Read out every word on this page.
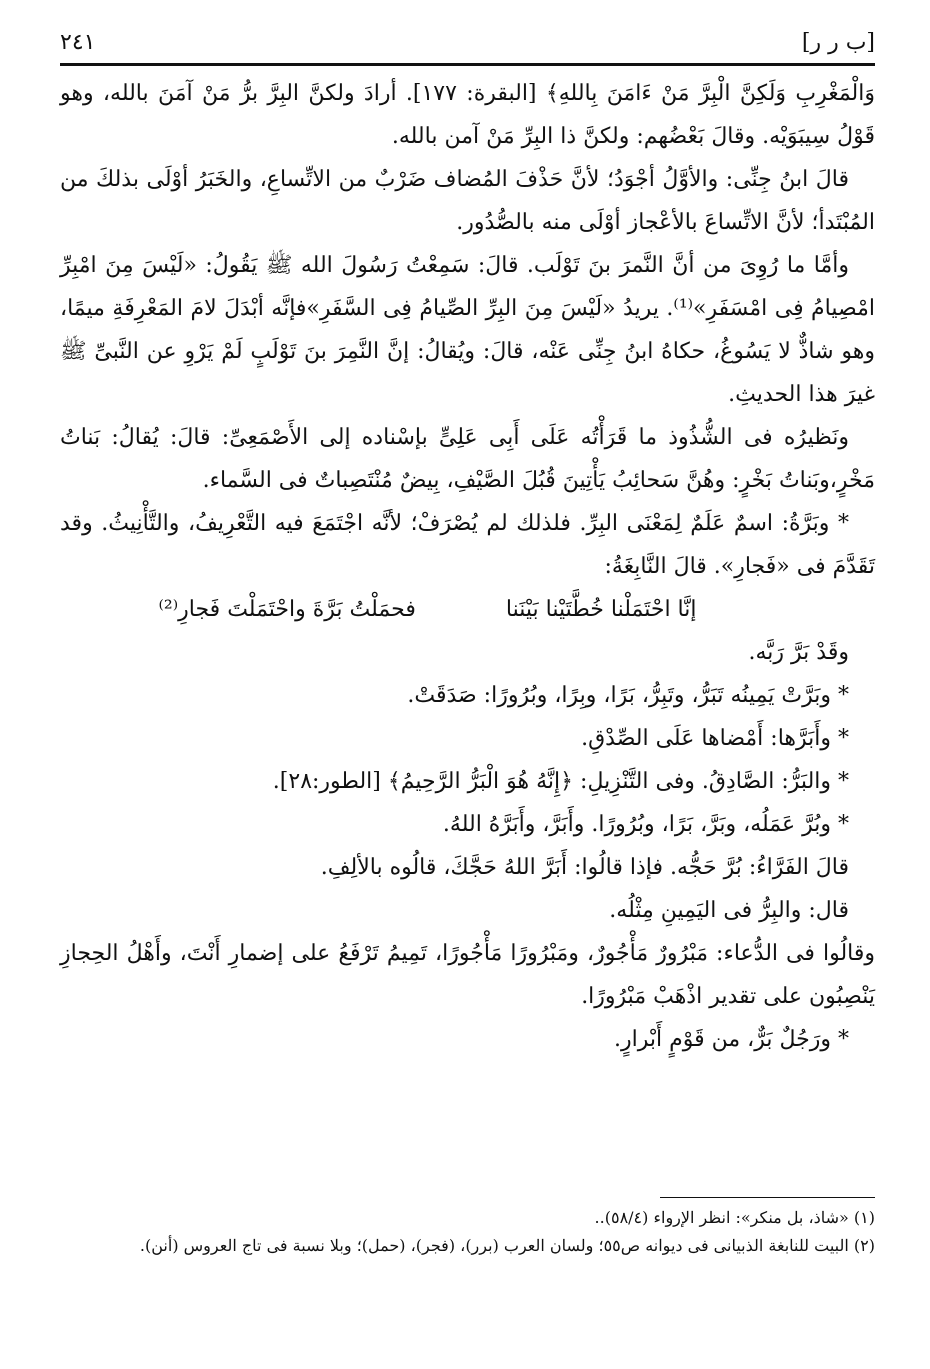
[ب ر ر]
٢٤١

وَالْمَغْرِبِ وَلَكِنَّ الْبِرَّ مَنْ ءَامَنَ بِاللهِ﴾ [البقرة: ١٧٧]. أرادَ ولكنَّ البِرَّ برُّ مَنْ آمَنَ بالله، وهو قَوْلُ سِيبَوَيْه. وقالَ بَعْضُهم: ولكنَّ ذا البِرِّ مَنْ آمن بالله.

قالَ ابنُ جِنِّى: والأوَّلُ أجْوَدُ؛ لأنَّ حَذْفَ المُضاف ضَرْبٌ من الاتِّساعِ، والخَبَرُ أوْلَى بذلكَ من المُبْتَدأ؛ لأنَّ الاتِّساعَ بالأعْجاز أوْلَى منه بالصُّدُور.

وأمَّا ما رُوِىَ من أنَّ النَّمرَ بنَ تَوْلَب. قالَ: سَمِعْتُ رَسُولَ الله ﷺ يَقُولُ: «لَيْسَ مِنَ امْبِرِّ امْصِيامُ فِى امْسَفَرِ»⁽¹⁾. يريدُ «لَيْسَ مِنَ البِرِّ الصِّيامُ فِى السَّفَرِ»فإنَّه أبْدَلَ لامَ المَعْرِفَةِ ميمًا، وهو شاذٌّ لا يَسُوغُ، حكاهُ ابنُ جِنِّى عَنْه، قالَ: ويُقالُ: إنَّ النَّمِرَ بنَ تَوْلَبٍ لَمْ يَرْوِ عن النَّبىِّ ﷺ غيرَ هذا الحديثِ.

ونَظيرُه فى الشُّذُوذ ما قَرَأْتُه عَلَى أَبِى عَلِىٍّ بإسْناده إلى الأَصْمَعِىِّ: قالَ: يُقالُ: بَناتُ مَخْرٍ،وبَناتُ بَخْرٍ: وهُنَّ سَحائِبُ يَأْتِينَ قُبُلَ الصَّيْفِ، بِيضٌ مُنْتَصِباتٌ فى السَّماء.

* وبَرَّةُ: اسمٌ عَلَمٌ لِمَعْنَى البِرِّ. فلذلك لم يُصْرَفْ؛ لأنَّه اجْتَمَعَ فيه التَّعْرِيفُ، والتَّأْنِيثُ. وقد تَقَدَّمَ فى «فَجارِ». قالَ النَّابِغَةُ:

إنَّا احْتَمَلْنا خُطَّتَيْنا بَيْنَنا
فحمَلْتُ بَرَّةَ واحْتَمَلْتَ فَجارِ⁽²⁾

وقَدْ بَرَّ رَبَّه.

* وبَرَّتْ يَمِينُه تَبَرُّ، وتَبِرُّ، بَرًا، وبِرًا، وبُرُورًا: صَدَقَتْ.

* وأَبَرَّها: أَمْضاها عَلَى الصِّدْقِ.

* والبَرُّ: الصَّادِقُ. وفى التَّنْزِيلِ: ﴿إِنَّهُ هُوَ الْبَرُّ الرَّحِيمُ﴾ [الطور:٢٨].

* وبُرَّ عَمَلُه، وبَرَّ، بَرًا، وبُرُورًا. وأَبَرَّ، وأَبَرَّهُ اللهُ.

قالَ الفَرَّاءُ: بُرَّ حَجُّه. فإذا قالُوا: أَبَرَّ اللهُ حَجَّكَ، قالُوه بالألِفِ.

قال: والبِرُّ فى اليَمِينِ مِثْلُه.

وقالُوا فى الدُّعاء: مَبْرُورٌ مَأْجُورٌ، ومَبْرُورًا مَأْجُورًا، تَمِيمُ تَرْفَعُ على إضمارِ أَنْتَ، وأَهْلُ الحِجازِ يَنْصِبُون على تقدير اذْهَبْ مَبْرُورًا.

* ورَجُلٌ بَرٌّ، من قَوْمٍ أَبْرارٍ.

(١) «شاذ، بل منكر»: انظر الإرواء (٥٨/٤)..

(٢) البيت للنابغة الذبيانى فى ديوانه ص٥٥؛ ولسان العرب (برر)، (فجر)، (حمل)؛ وبلا نسبة فى تاج العروس (أنن).
